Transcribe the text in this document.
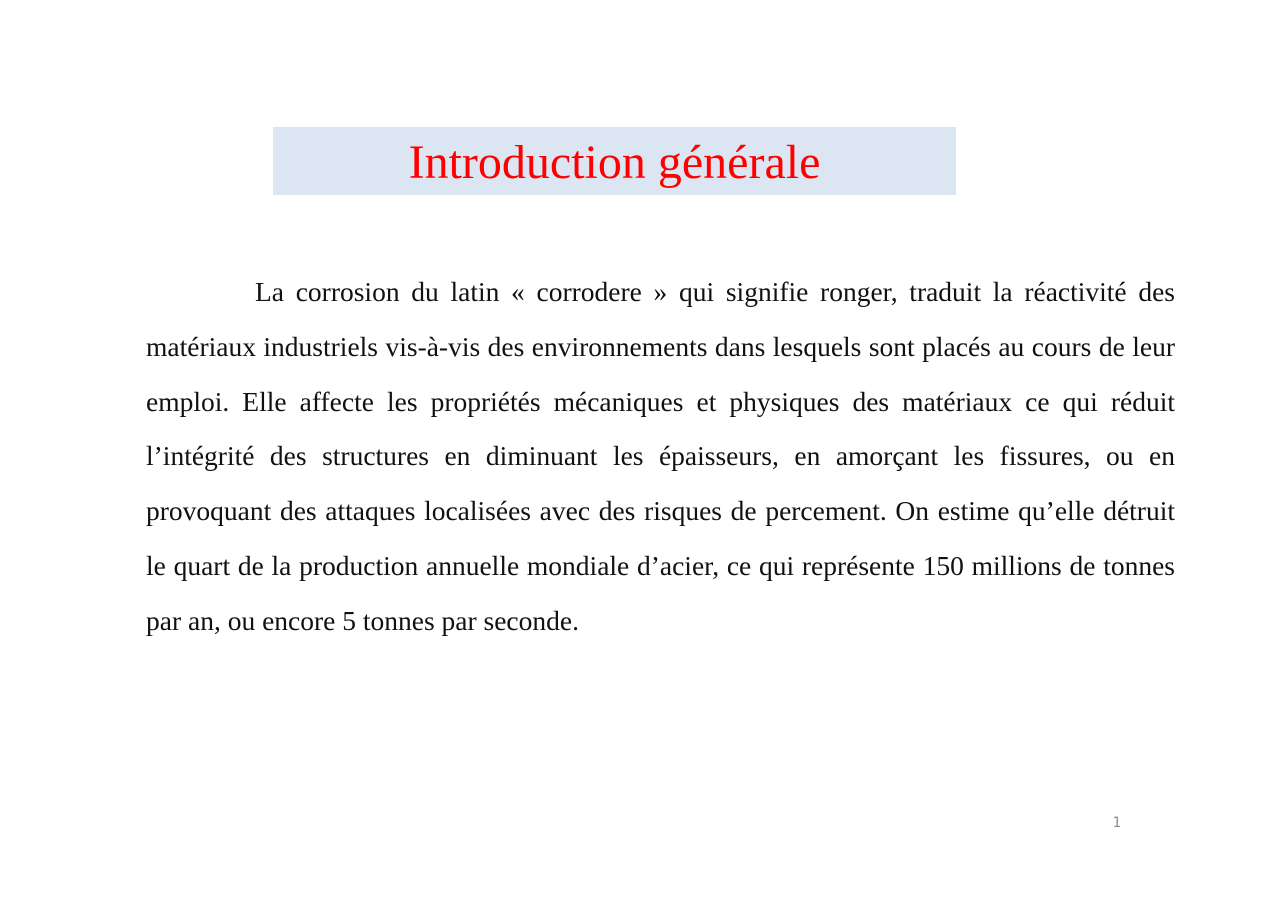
Introduction générale

La corrosion du latin « corrodere » qui signifie ronger, traduit la réactivité des matériaux industriels vis-à-vis des environnements dans lesquels sont placés au cours de leur emploi. Elle affecte les propriétés mécaniques et physiques des matériaux ce qui réduit l’intégrité des structures en diminuant les épaisseurs, en amorçant les fissures, ou en provoquant des attaques localisées avec des risques de percement. On estime qu’elle détruit le quart de la production annuelle mondiale d’acier, ce qui représente 150 millions de tonnes par an, ou encore 5 tonnes par seconde.

1
